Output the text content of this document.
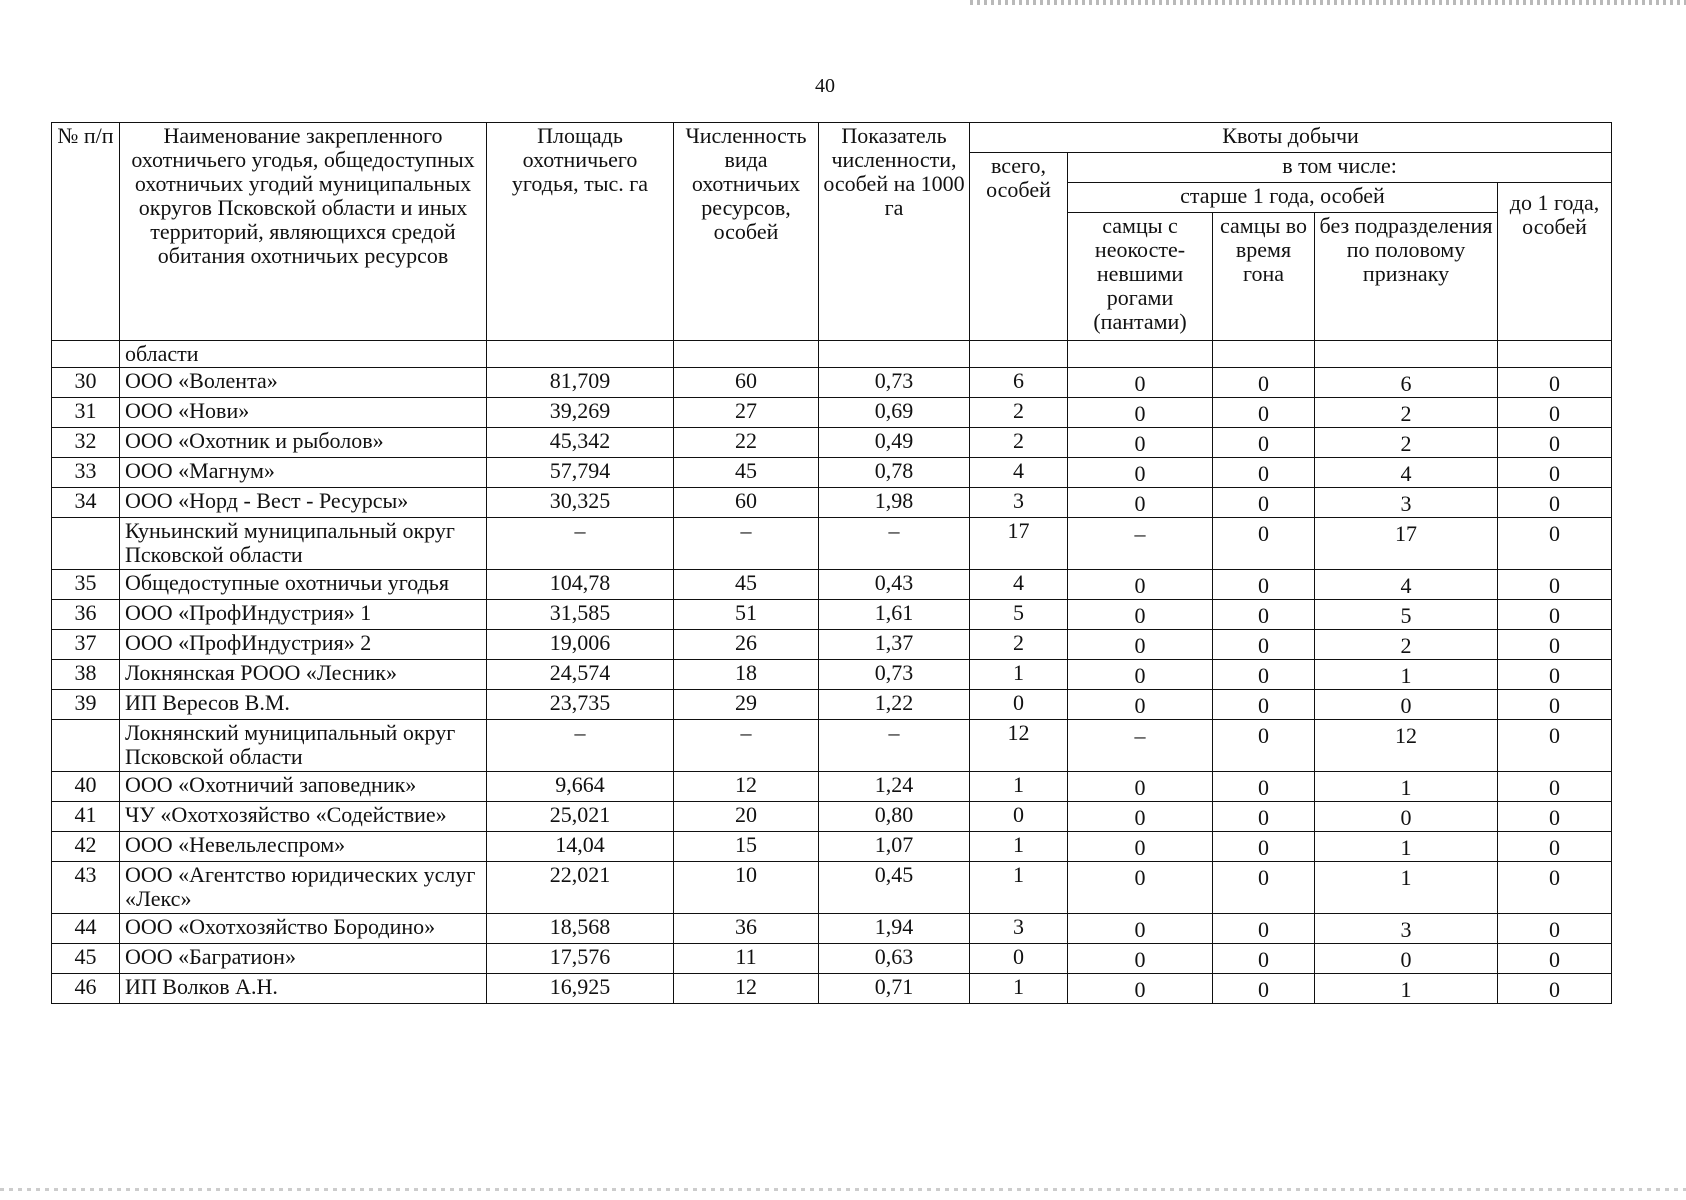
40
№ п/п	Наименование закрепленного охотничьего угодья, общедоступных охотничьих угодий муниципальных округов Псковской области и иных территорий, являющихся средой обитания охотничьих ресурсов	Площадь охотничьего угодья, тыс. га	Численность вида охотничьих ресурсов, особей	Показатель численности, особей на 1000 га	Квоты добычи				
					всего, особей	в том числе:			
						старше 1 года, особей			до 1 года, особей
						самцы с неокосте-невшими рогами (пантами)	самцы во время гона	без подразделения по половому признаку	
	области								
30	ООО «Волента»	81,709	60	0,73	6	0	0	6	0
31	ООО «Нови»	39,269	27	0,69	2	0	0	2	0
32	ООО «Охотник и рыболов»	45,342	22	0,49	2	0	0	2	0
33	ООО «Магнум»	57,794	45	0,78	4	0	0	4	0
34	ООО «Норд - Вест - Ресурсы»	30,325	60	1,98	3	0	0	3	0
	Куньинский муниципальный округ Псковской области	–	–	–	17	–	0	17	0
35	Общедоступные охотничьи угодья	104,78	45	0,43	4	0	0	4	0
36	ООО «ПрофИндустрия» 1	31,585	51	1,61	5	0	0	5	0
37	ООО «ПрофИндустрия» 2	19,006	26	1,37	2	0	0	2	0
38	Локнянская РООО «Лесник»	24,574	18	0,73	1	0	0	1	0
39	ИП Вересов В.М.	23,735	29	1,22	0	0	0	0	0
	Локнянский муниципальный округ Псковской области	–	–	–	12	–	0	12	0
40	ООО «Охотничий заповедник»	9,664	12	1,24	1	0	0	1	0
41	ЧУ «Охотхозяйство «Содействие»	25,021	20	0,80	0	0	0	0	0
42	ООО «Невельлеспром»	14,04	15	1,07	1	0	0	1	0
43	ООО «Агентство юридических услуг «Лекс»	22,021	10	0,45	1	0	0	1	0
44	ООО «Охотхозяйство Бородино»	18,568	36	1,94	3	0	0	3	0
45	ООО «Багратион»	17,576	11	0,63	0	0	0	0	0
46	ИП Волков А.Н.	16,925	12	0,71	1	0	0	1	0
